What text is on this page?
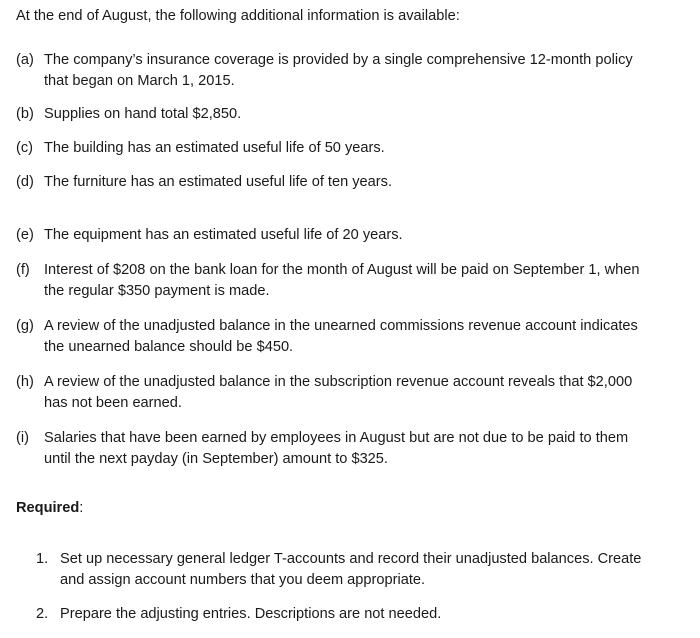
At the end of August, the following additional information is available:
(a) The company’s insurance coverage is provided by a single comprehensive 12-month policy
that began on March 1, 2015.
(b) Supplies on hand total $2,850.
(c) The building has an estimated useful life of 50 years.
(d) The furniture has an estimated useful life of ten years.
(e) The equipment has an estimated useful life of 20 years.
(f) Interest of $208 on the bank loan for the month of August will be paid on September 1, when
the regular $350 payment is made.
(g) A review of the unadjusted balance in the unearned commissions revenue account indicates
the unearned balance should be $450.
(h) A review of the unadjusted balance in the subscription revenue account reveals that $2,000
has not been earned.
(i) Salaries that have been earned by employees in August but are not due to be paid to them
until the next payday (in September) amount to $325.
Required:
1. Set up necessary general ledger T-accounts and record their unadjusted balances. Create
and assign account numbers that you deem appropriate.
2. Prepare the adjusting entries. Descriptions are not needed.
